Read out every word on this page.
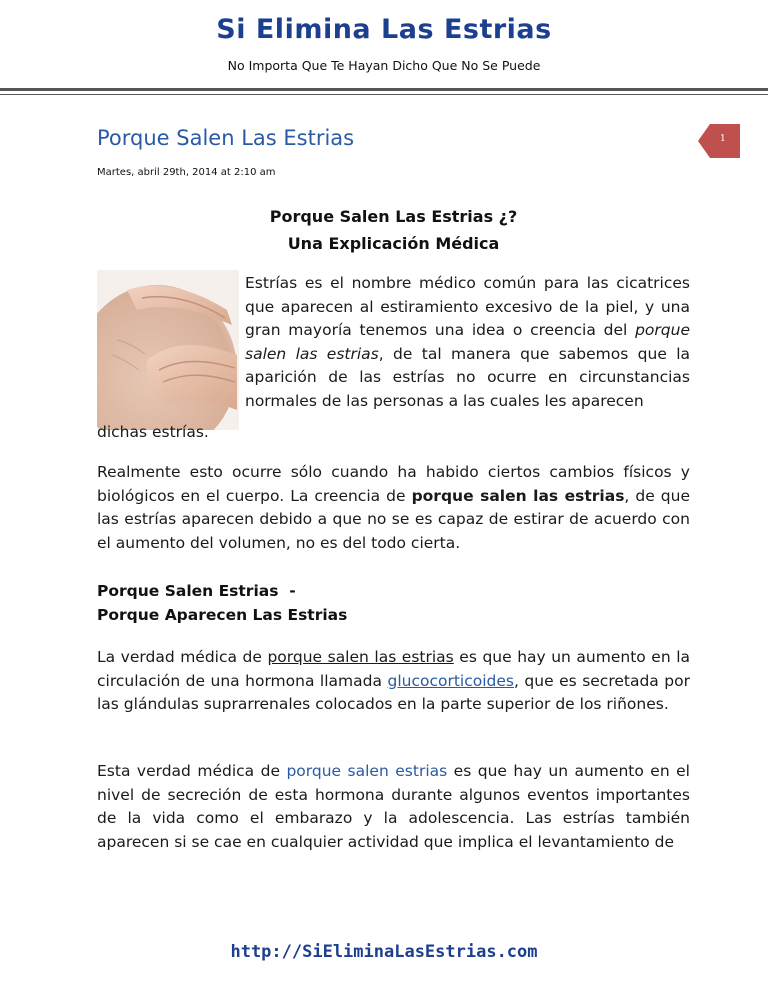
Si Elimina Las Estrias
No Importa Que Te Hayan Dicho Que No Se Puede
Porque Salen Las Estrias	1
Martes, abril 29th, 2014 at 2:10 am
Porque Salen Las Estrias ¿?
Una Explicación Médica
Estrías es el nombre médico común para las cicatrices que aparecen al estiramiento excesivo de la piel, y una gran mayoría tenemos una idea o creencia del porque salen las estrias, de tal manera que sabemos que la aparición de las estrías no ocurre en circunstancias normales de las personas a las cuales les aparecen
dichas estrías.
Realmente esto ocurre sólo cuando ha habido ciertos cambios físicos y biológicos en el cuerpo. La creencia de porque salen las estrias, de que las estrías aparecen debido a que no se es capaz de estirar de acuerdo con el aumento del volumen, no es del todo cierta.
Porque Salen Estrias  -
Porque Aparecen Las Estrias
La verdad médica de porque salen las estrias es que hay un aumento en la circulación de una hormona llamada glucocorticoides, que es secretada por las glándulas suprarrenales colocados en la parte superior de los riñones.
Esta verdad médica de porque salen estrias es que hay un aumento en el nivel de secreción de esta hormona durante algunos eventos importantes de la vida como el embarazo y la adolescencia. Las estrías también aparecen si se cae en cualquier actividad que implica el levantamiento de
http://SiEliminaLasEstrias.com
